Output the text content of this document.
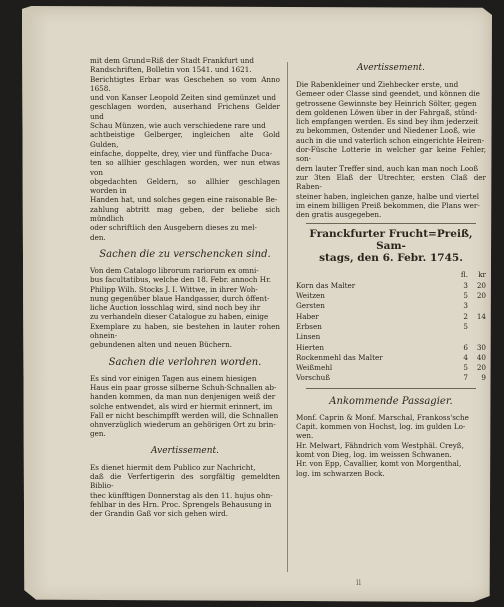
mit dem Grund=Riß der Stadt Frankfurt und
Randschriften, Bolletin von 1541. und 1621.
Berichtigtes Erbar was Geschehen so vom Anno 1658.
und von Kanser Leopold Zeiten sind gemünzet und
geschlagen worden, auserhand Frichens Gelder und
Schau Münzen, wie auch verschiedene rare und
achtbeistige Gelberger, ingleichen alte Gold Gulden,
einfache, doppelte, drey, vier und fünffache Duca-
ten so allhier geschlagen worden, wer nun etwas von
obgedachten Geldern, so allhier geschlagen worden in
Handen hat, und solches gegen eine raisonable Be-
zahlung abtritt mag geben, der beliebe sich mündlich
oder schriftlich den Ausgebern dieses zu mel-
den.
Sachen die zu verschencken sind.
Von dem Catalogo librorum rariorum ex omni-
bus facultatibus, welche den 18. Febr. annoch Hr.
Philipp Wilh. Stocks J. I. Wittwe, in ihrer Woh-
nung gegenüber blaue Handgasser, durch öffent-
liche Auction losschlag wird, sind noch bey ihr
zu verhandeln dieser Catalogue zu haben, einige
Exemplare zu haben, sie bestehen in lauter rohen ohnein-
gebundenen alten und neuen Büchern.
Sachen die verlohren worden.
Es sind vor einigen Tagen aus einem hiesigen
Haus ein paar grosse silberne Schuh-Schnallen ab-
handen kommen, da man nun denjenigen weiß der
solche entwendet, als wird er hiermit erinnert, im
Fall er nicht beschimpfft werden will, die Schnallen
ohnverzüglich wiederum an gehörigen Ort zu brin-
gen.
Avertissement.
Es dienet hiermit dem Publico zur Nachricht,
daß die Verfertigerin des sorgfältig gemeldten Biblio-
thec künfftigen Donnerstag als den 11. hujus ohn-
fehlbar in des Hrn. Proc. Sprengels Behausung in
der Grandin Gaß vor sich gehen wird.
Avertissement.
Die Rabenkleiner und Ziehbecker erste, und
Gemeer oder Classe sind geendet, und können die
getrossene Gewinnste bey Heinrich Sölter, gegen
dem goldenen Löwen über in der Fahrgaß, stünd-
lich empfangen werden. Es sind bey ihm jederzeit
zu bekommen, Ostender und Niedener Looß, wie
auch in die und vaterlich schon eingerichte Heiren-
dor-Füsche Lotterie in welcher gar keine Fehler, son-
dern lauter Treffer sind, auch kan man noch Looß
zur 3ten Elaß der Utrechter, ersten Claß der Raben-
steiner haben, ingleichen ganze, halbe und viertel
im einem billigen Preiß bekommen, die Plans wer-
den gratis ausgegeben.
Franckfurter Frucht=Preiß, Sam-
stags, den 6. Febr. 1745.
		fl.	kr
Korn das Malter		3	20
Weitzen		5	20
Gersten		3	
Haber		2	14
Erbsen		5	
Linsen			
Hierten		6	30
Rockenmehl das Malter		4	40
Weißmehl		5	20
Vorschuß		7	9
Ankommende Passagier.
Monf. Caprin & Monf. Marschal, Frankoss'sche
Capit. kommen von Hochst, log. im gulden Lo-
wen.
Hr. Melwart, Fähndrich vom Westphäl. Creyß,
komt von Dieg, log. im weissen Schwanen.
Hr. von Epp, Cavallier, komt von Morgenthal,
log. im schwarzen Bock.
ii
